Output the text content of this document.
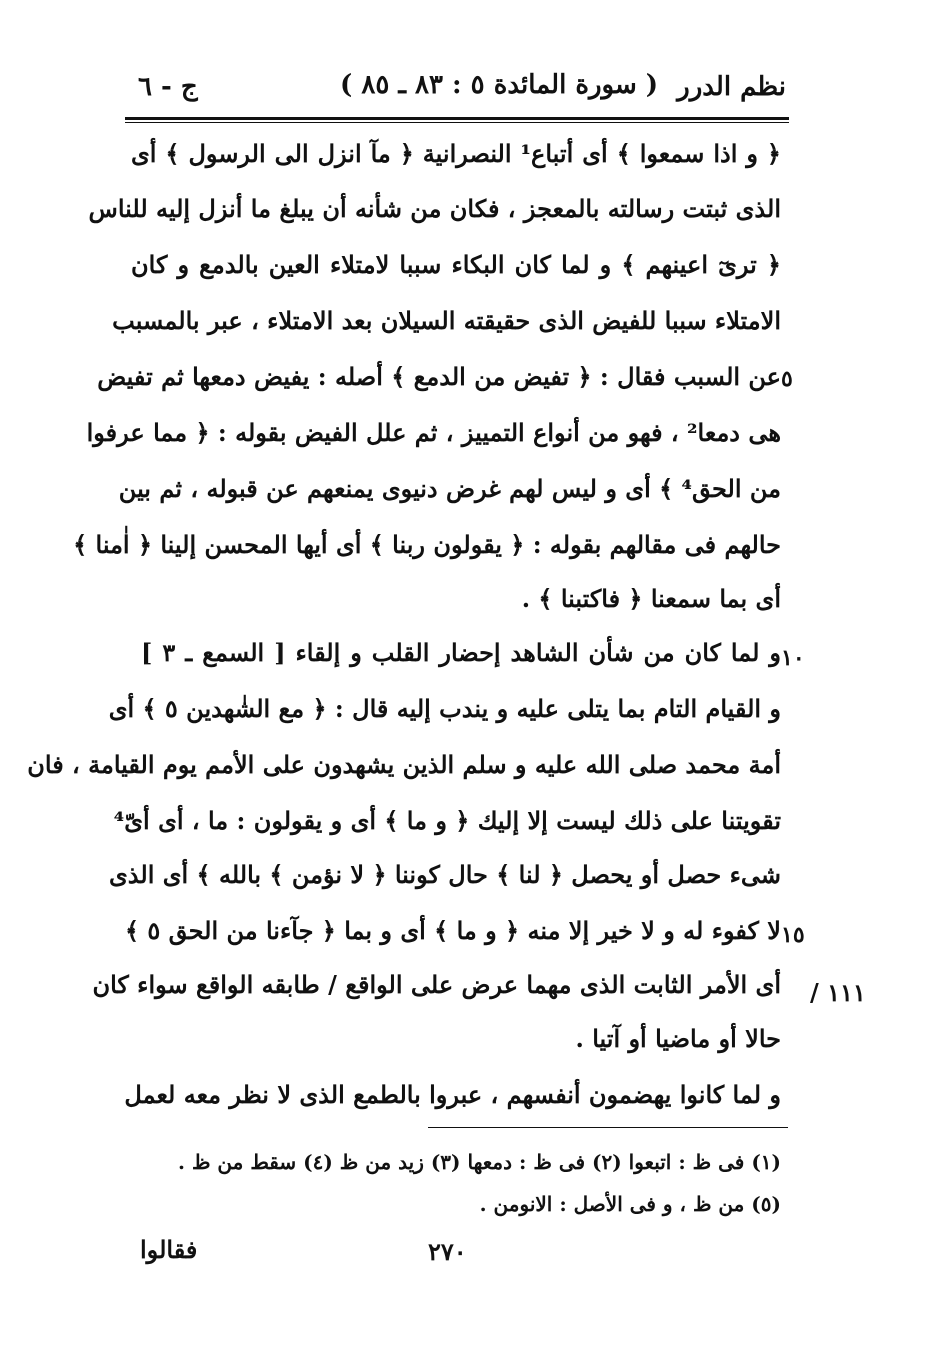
نظم الدرر
( سورة المائدة ٥ : ٨٣ ـ ٨٥ )
ج - ٦
﴿ و اذا سمعوا ﴾ أى أتباع¹ النصرانية ﴿ مآ انزل الى الرسول ﴾ أى
الذى ثبتت رسالته بالمعجز ، فكان من شأنه أن يبلغ ما أنزل إليه للناس
﴿ ترىٓ اعينهم ﴾ و لما كان البكاء سببا لامتلاء العين بالدمع و كان
الامتلاء سببا للفيض الذى حقيقته السيلان بعد الامتلاء ، عبر بالمسبب
عن السبب فقال : ﴿ تفيض من الدمع ﴾ أصله : يفيض دمعها ثم تفيض ٥
هى دمعا² ، فهو من أنواع التمييز ، ثم علل الفيض بقوله : ﴿ مما عرفوا
من الحق⁴ ﴾ أى و ليس لهم غرض دنيوى يمنعهم عن قبوله ، ثم بين
حالهم فى مقالهم بقوله : ﴿ يقولون ربنا ﴾ أى أيها المحسن إلينا ﴿ اٰمنا ﴾
أى بما سمعنا ﴿ فاكتبنا ﴾ .
و لما كان من شأن الشاهد إحضار القلب و إلقاء [ السمع ـ ٣ ] ١٠
و القيام التام بما يتلى عليه و يندب إليه قال : ﴿ مع الشٰهدين ٥ ﴾ أى
أمة محمد صلى الله عليه و سلم الذين يشهدون على الأمم يوم القيامة ، فان
تقويتنا على ذلك ليست إلا إليك ﴿ و ما ﴾ أى و يقولون : ما ، أى أىّ⁴
شىء حصل أو يحصل ﴿ لنا ﴾ حال كوننا ﴿ لا نؤمن ﴾ بالله ﴾ أى الذى
لا كفوء له و لا خير إلا منه ﴿ و ما ﴾ أى و بما ﴿ جآءنا من الحق ٥ ﴾ ١٥
أى الأمر الثابت الذى مهما عرض على الواقع / طابقه الواقع سواء كان
حالا أو ماضيا أو آتيا .
و لما كانوا يهضمون أنفسهم ، عبروا بالطمع الذى لا نظر معه لعمل
١١١ /
(١) فى ظ : اتبعوا (٢) فى ظ : دمعها (٣) زيد من ظ (٤) سقط من ظ .
(٥) من ظ ، و فى الأصل : الانومن .
٢٧٠
فقالوا
